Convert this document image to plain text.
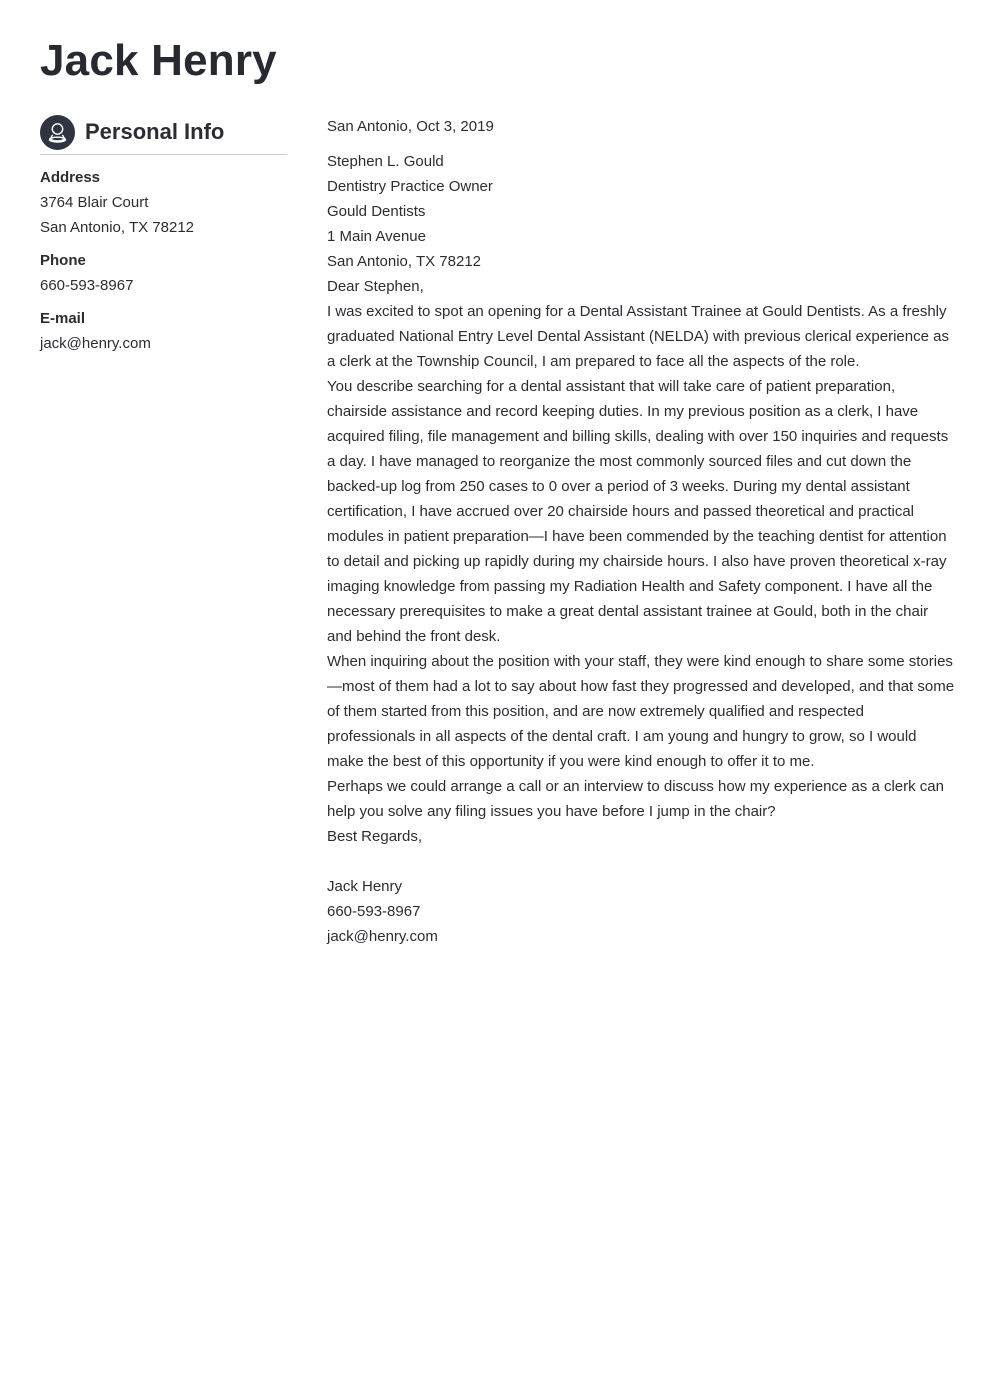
Jack Henry
Personal Info
Address
3764 Blair Court
San Antonio, TX 78212
Phone
660-593-8967
E-mail
jack@henry.com

San Antonio, Oct 3, 2019

Stephen L. Gould

Dentistry Practice Owner

Gould Dentists

1 Main Avenue

San Antonio, TX 78212

Dear Stephen,

I was excited to spot an opening for a Dental Assistant Trainee at Gould Dentists. As a freshly graduated National Entry Level Dental Assistant (NELDA) with previous clerical experience as a clerk at the Township Council, I am prepared to face all the aspects of the role.

You describe searching for a dental assistant that will take care of patient preparation, chairside assistance and record keeping duties. In my previous position as a clerk, I have acquired filing, file management and billing skills, dealing with over 150 inquiries and requests a day. I have managed to reorganize the most commonly sourced files and cut down the backed-up log from 250 cases to 0 over a period of 3 weeks. During my dental assistant certification, I have accrued over 20 chairside hours and passed theoretical and practical modules in patient preparation—I have been commended by the teaching dentist for attention to detail and picking up rapidly during my chairside hours. I also have proven theoretical x-ray imaging knowledge from passing my Radiation Health and Safety component. I have all the necessary prerequisites to make a great dental assistant trainee at Gould, both in the chair and behind the front desk.

When inquiring about the position with your staff, they were kind enough to share some stories—most of them had a lot to say about how fast they progressed and developed, and that some of them started from this position, and are now extremely qualified and respected professionals in all aspects of the dental craft. I am young and hungry to grow, so I would make the best of this opportunity if you were kind enough to offer it to me.

Perhaps we could arrange a call or an interview to discuss how my experience as a clerk can help you solve any filing issues you have before I jump in the chair?

Best Regards,

Jack Henry

660-593-8967

jack@henry.com
